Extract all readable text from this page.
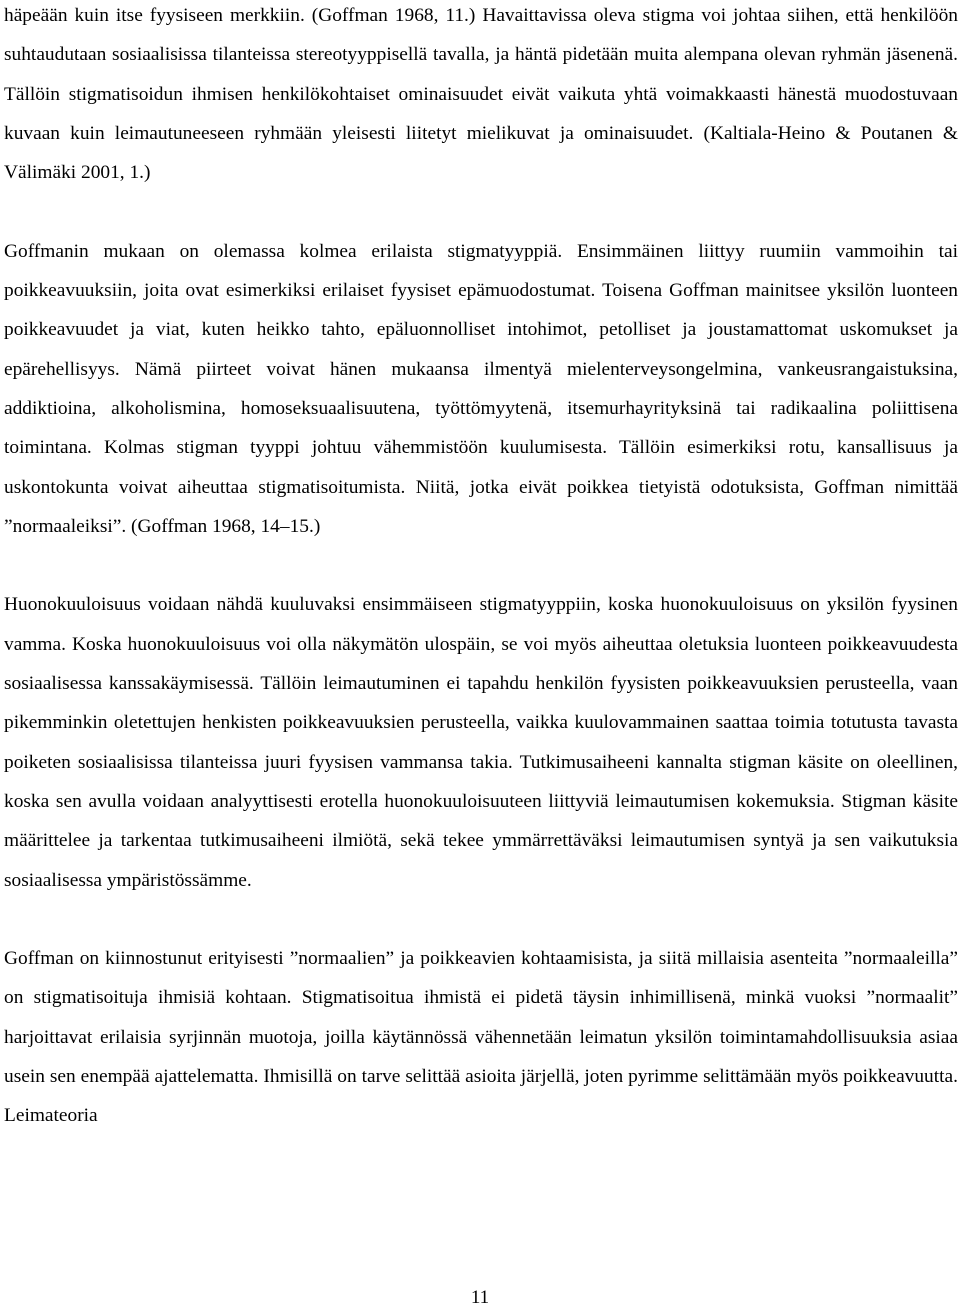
häpeään kuin itse fyysiseen merkkiin. (Goffman 1968, 11.) Havaittavissa oleva stigma voi johtaa siihen, että henkilöön suhtaudutaan sosiaalisissa tilanteissa stereotyyppisellä tavalla, ja häntä pidetään muita alempana olevan ryhmän jäsenenä. Tällöin stigmatisoidun ihmisen henkilökohtaiset ominaisuudet eivät vaikuta yhtä voimakkaasti hänestä muodostuvaan kuvaan kuin leimautuneeseen ryhmään yleisesti liitetyt mielikuvat ja ominaisuudet. (Kaltiala-Heino & Poutanen & Välimäki 2001, 1.)

Goffmanin mukaan on olemassa kolmea erilaista stigmatyyppiä. Ensimmäinen liittyy ruumiin vammoihin tai poikkeavuuksiin, joita ovat esimerkiksi erilaiset fyysiset epämuodostumat. Toisena Goffman mainitsee yksilön luonteen poikkeavuudet ja viat, kuten heikko tahto, epäluonnolliset intohimot, petolliset ja joustamattomat uskomukset ja epärehellisyys. Nämä piirteet voivat hänen mukaansa ilmentyä mielenterveysongelmina, vankeusrangaistuksina, addiktioina, alkoholismina, homoseksuaalisuutena, työttömyytenä, itsemurhayrityksinä tai radikaalina poliittisena toimintana. Kolmas stigman tyyppi johtuu vähemmistöön kuulumisesta. Tällöin esimerkiksi rotu, kansallisuus ja uskontokunta voivat aiheuttaa stigmatisoitumista. Niitä, jotka eivät poikkea tietyistä odotuksista, Goffman nimittää ”normaaleiksi”. (Goffman 1968, 14–15.)

Huonokuuloisuus voidaan nähdä kuuluvaksi ensimmäiseen stigmatyyppiin, koska huonokuuloisuus on yksilön fyysinen vamma. Koska huonokuuloisuus voi olla näkymätön ulospäin, se voi myös aiheuttaa oletuksia luonteen poikkeavuudesta sosiaalisessa kanssakäymisessä. Tällöin leimautuminen ei tapahdu henkilön fyysisten poikkeavuuksien perusteella, vaan pikemminkin oletettujen henkisten poikkeavuuksien perusteella, vaikka kuulovammainen saattaa toimia totutusta tavasta poiketen sosiaalisissa tilanteissa juuri fyysisen vammansa takia. Tutkimusaiheeni kannalta stigman käsite on oleellinen, koska sen avulla voidaan analyyttisesti erotella huonokuuloisuuteen liittyviä leimautumisen kokemuksia. Stigman käsite määrittelee ja tarkentaa tutkimusaiheeni ilmiötä, sekä tekee ymmärrettäväksi leimautumisen syntyä ja sen vaikutuksia sosiaalisessa ympäristössämme.

Goffman on kiinnostunut erityisesti ”normaalien” ja poikkeavien kohtaamisista, ja siitä millaisia asenteita ”normaaleilla” on stigmatisoituja ihmisiä kohtaan. Stigmatisoitua ihmistä ei pidetä täysin inhimillisenä, minkä vuoksi ”normaalit” harjoittavat erilaisia syrjinnän muotoja, joilla käytännössä vähennetään leimatun yksilön toimintamahdollisuuksia asiaa usein sen enempää ajattelematta. Ihmisillä on tarve selittää asioita järjellä, joten pyrimme selittämään myös poikkeavuutta. Leimateoria

11
